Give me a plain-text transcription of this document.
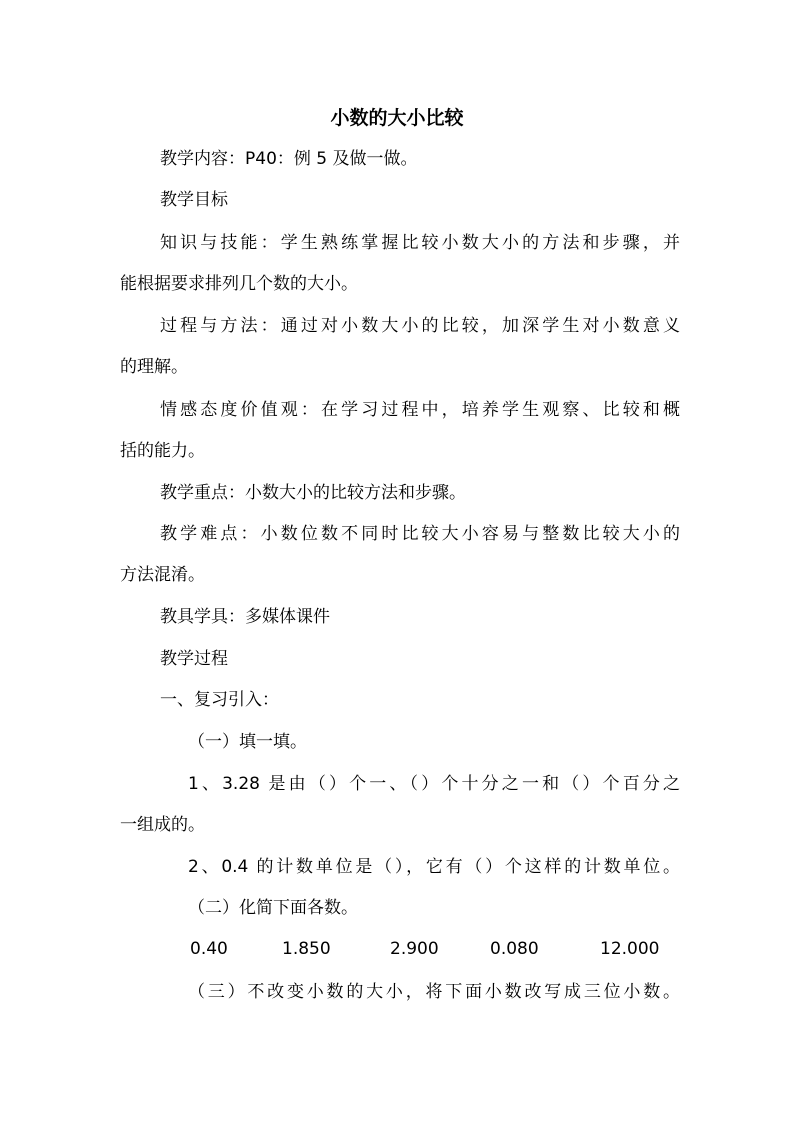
小数的大小比较
教学内容：P40：例 5 及做一做。
教学目标
知识与技能：学生熟练掌握比较小数大小的方法和步骤，并
能根据要求排列几个数的大小。
过程与方法：通过对小数大小的比较，加深学生对小数意义
的理解。
情感态度价值观：在学习过程中，培养学生观察、比较和概
括的能力。
教学重点：小数大小的比较方法和步骤。
教学难点：小数位数不同时比较大小容易与整数比较大小的
方法混淆。
教具学具：多媒体课件
教学过程
一、复习引入：
（一）填一填。
1、3.28 是由（）个一、（）个十分之一和（）个百分之
一组成的。
2、0.4 的计数单位是（），它有（）个这样的计数单位。
（二）化简下面各数。
0.40	1.850	2.900	0.080	12.000
（三）不改变小数的大小，将下面小数改写成三位小数。
